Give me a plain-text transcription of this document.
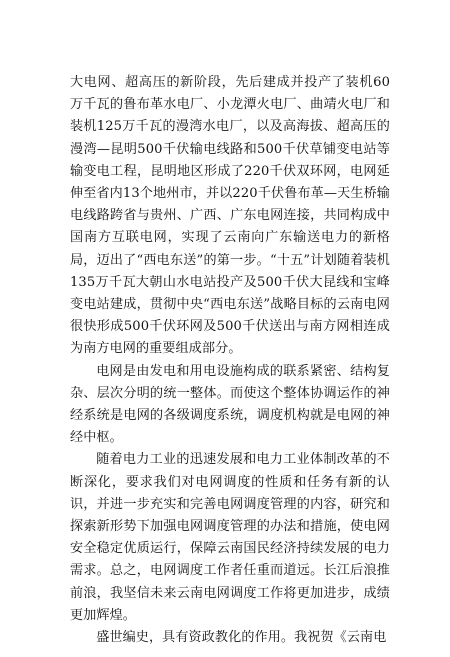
大电网、超高压的新阶段，先后建成并投产了装机60万千瓦的鲁布革水电厂、小龙潭火电厂、曲靖火电厂和装机125万千瓦的漫湾水电厂，以及高海拔、超高压的漫湾—昆明500千伏输电线路和500千伏草铺变电站等输变电工程，昆明地区形成了220千伏双环网，电网延伸至省内13个地州市，并以220千伏鲁布革—天生桥输电线路跨省与贵州、广西、广东电网连接，共同构成中国南方互联电网，实现了云南向广东输送电力的新格局，迈出了“西电东送”的第一步。“十五”计划随着装机135万千瓦大朝山水电站投产及500千伏大昆线和宝峰变电站建成，贯彻中央“西电东送”战略目标的云南电网很快形成500千伏环网及500千伏送出与南方网相连成为南方电网的重要组成部分。

电网是由发电和用电设施构成的联系紧密、结构复杂、层次分明的统一整体。而使这个整体协调运作的神经系统是电网的各级调度系统，调度机构就是电网的神经中枢。

随着电力工业的迅速发展和电力工业体制改革的不断深化，要求我们对电网调度的性质和任务有新的认识，并进一步充实和完善电网调度管理的内容，研究和探索新形势下加强电网调度管理的办法和措施，使电网安全稳定优质运行，保障云南国民经济持续发展的电力需求。总之，电网调度工作者任重而道远。长江后浪推前浪，我坚信未来云南电网调度工作将更加进步，成绩更加辉煌。

盛世编史，具有资政教化的作用。我祝贺《云南电
